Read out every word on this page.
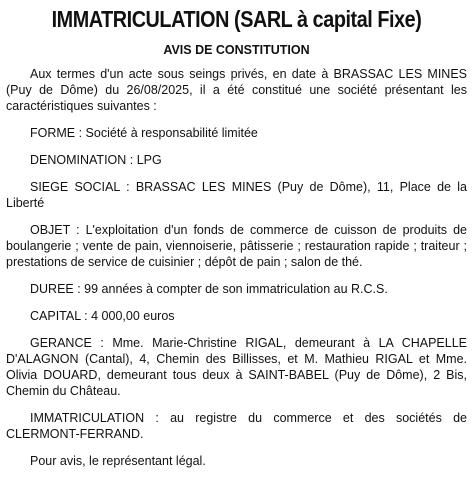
IMMATRICULATION (SARL à capital Fixe)
AVIS DE CONSTITUTION

Aux termes d'un acte sous seings privés, en date à BRASSAC LES MINES (Puy de Dôme) du 26/08/2025, il a été constitué une société présentant les caractéristiques suivantes :

FORME : Société à responsabilité limitée

DENOMINATION : LPG

SIEGE SOCIAL : BRASSAC LES MINES (Puy de Dôme), 11, Place de la Liberté

OBJET : L'exploitation d'un fonds de commerce de cuisson de produits de boulangerie ; vente de pain, viennoiserie, pâtisserie ; restauration rapide ; traiteur ; prestations de service de cuisinier ; dépôt de pain ; salon de thé.

DUREE : 99 années à compter de son immatriculation au R.C.S.

CAPITAL : 4 000,00 euros

GERANCE : Mme. Marie-Christine RIGAL, demeurant à LA CHAPELLE D'ALAGNON (Cantal), 4, Chemin des Billisses, et M. Mathieu RIGAL et Mme. Olivia DOUARD, demeurant tous deux à SAINT-BABEL (Puy de Dôme), 2 Bis, Chemin du Château.

IMMATRICULATION : au registre du commerce et des sociétés de CLERMONT-FERRAND.

Pour avis, le représentant légal.
